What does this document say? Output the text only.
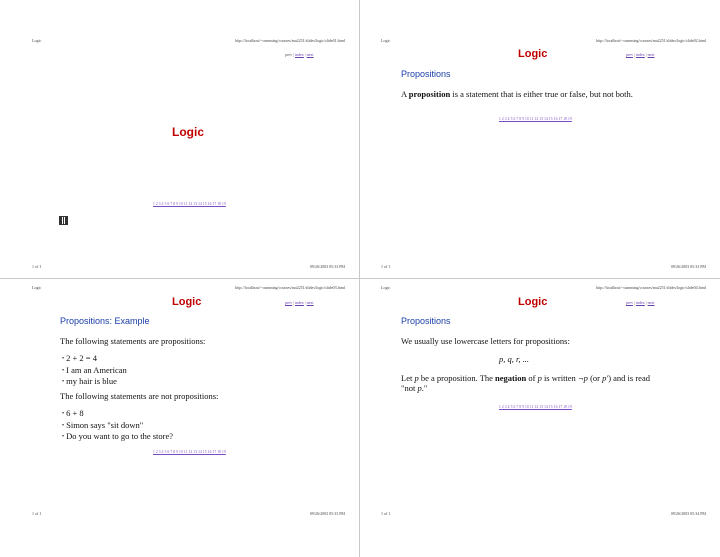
Logic	http://localhost/~cumming/courses/ma2251/slides/logic/slide01.html
prev | index | next
Logic
1 2 3 4 5 6 7 8 9 10 11 12 13 14 15 16 17 18 19
1 of 1	09/26/2003 05:33 PM
Logic	http://localhost/~cumming/courses/ma2251/slides/logic/slide02.html
Logic	prev | index | next
Propositions
A proposition is a statement that is either true or false, but not both.
1 2 3 4 5 6 7 8 9 10 11 12 13 14 15 16 17 18 19
1 of 1	09/26/2003 05:33 PM
Logic	http://localhost/~cumming/courses/ma2251/slides/logic/slide03.html
Logic	prev | index | next
Propositions: Example
The following statements are propositions:
• 2 + 2 = 4
• I am an American
• my hair is blue
The following statements are not propositions:
• 6 + 8
• Simon says "sit down"
• Do you want to go to the store?
1 2 3 4 5 6 7 8 9 10 11 12 13 14 15 16 17 18 19
1 of 1	09/26/2003 05:33 PM
Logic	http://localhost/~cumming/courses/ma2251/slides/logic/slide04.html
Logic	prev | index | next
Propositions
We usually use lowercase letters for propositions:
p, q, r, ...
Let p be a proposition. The negation of p is written ¬p (or p') and is read "not p."
1 2 3 4 5 6 7 8 9 10 11 12 13 14 15 16 17 18 19
1 of 1	09/26/2003 05:34 PM
